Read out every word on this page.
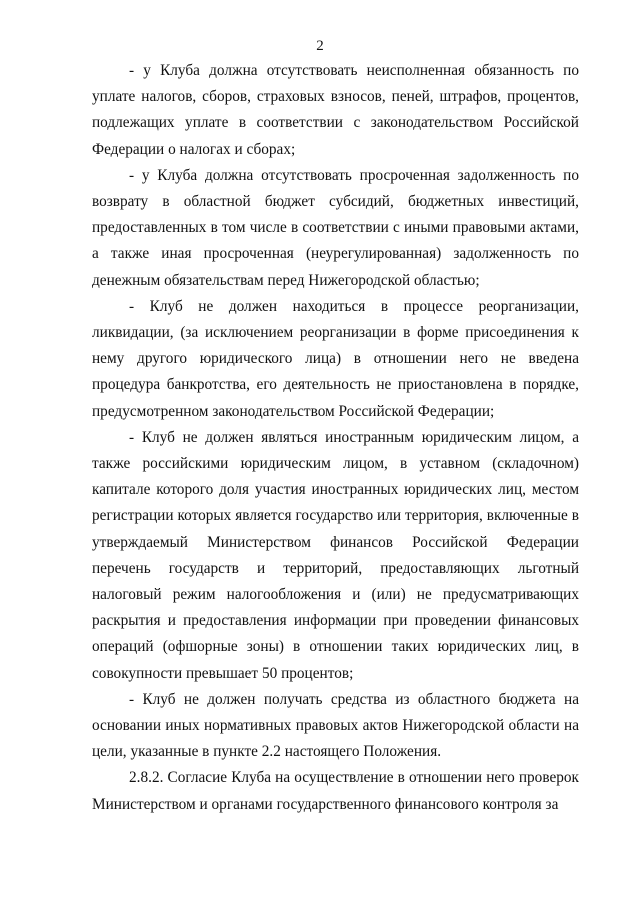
2

- у Клуба должна отсутствовать неисполненная обязанность по уплате налогов, сборов, страховых взносов, пеней, штрафов, процентов, подлежащих уплате в соответствии с законодательством Российской Федерации о налогах и сборах;

- у Клуба должна отсутствовать просроченная задолженность по возврату в областной бюджет субсидий, бюджетных инвестиций, предоставленных в том числе в соответствии с иными правовыми актами, а также иная просроченная (неурегулированная) задолженность по денежным обязательствам перед Нижегородской областью;

- Клуб не должен находиться в процессе реорганизации, ликвидации, (за исключением реорганизации в форме присоединения к нему другого юридического лица) в отношении него не введена процедура банкротства, его деятельность не приостановлена в порядке, предусмотренном законодательством Российской Федерации;

- Клуб не должен являться иностранным юридическим лицом, а также российскими юридическим лицом, в уставном (складочном) капитале которого доля участия иностранных юридических лиц, местом регистрации которых является государство или территория, включенные в утверждаемый Министерством финансов Российской Федерации перечень государств и территорий, предоставляющих льготный налоговый режим налогообложения и (или) не предусматривающих раскрытия и предоставления информации при проведении финансовых операций (офшорные зоны) в отношении таких юридических лиц, в совокупности превышает 50 процентов;

- Клуб не должен получать средства из областного бюджета на основании иных нормативных правовых актов Нижегородской области на цели, указанные в пункте 2.2 настоящего Положения.

2.8.2. Согласие Клуба на осуществление в отношении него проверок Министерством и органами государственного финансового контроля за
